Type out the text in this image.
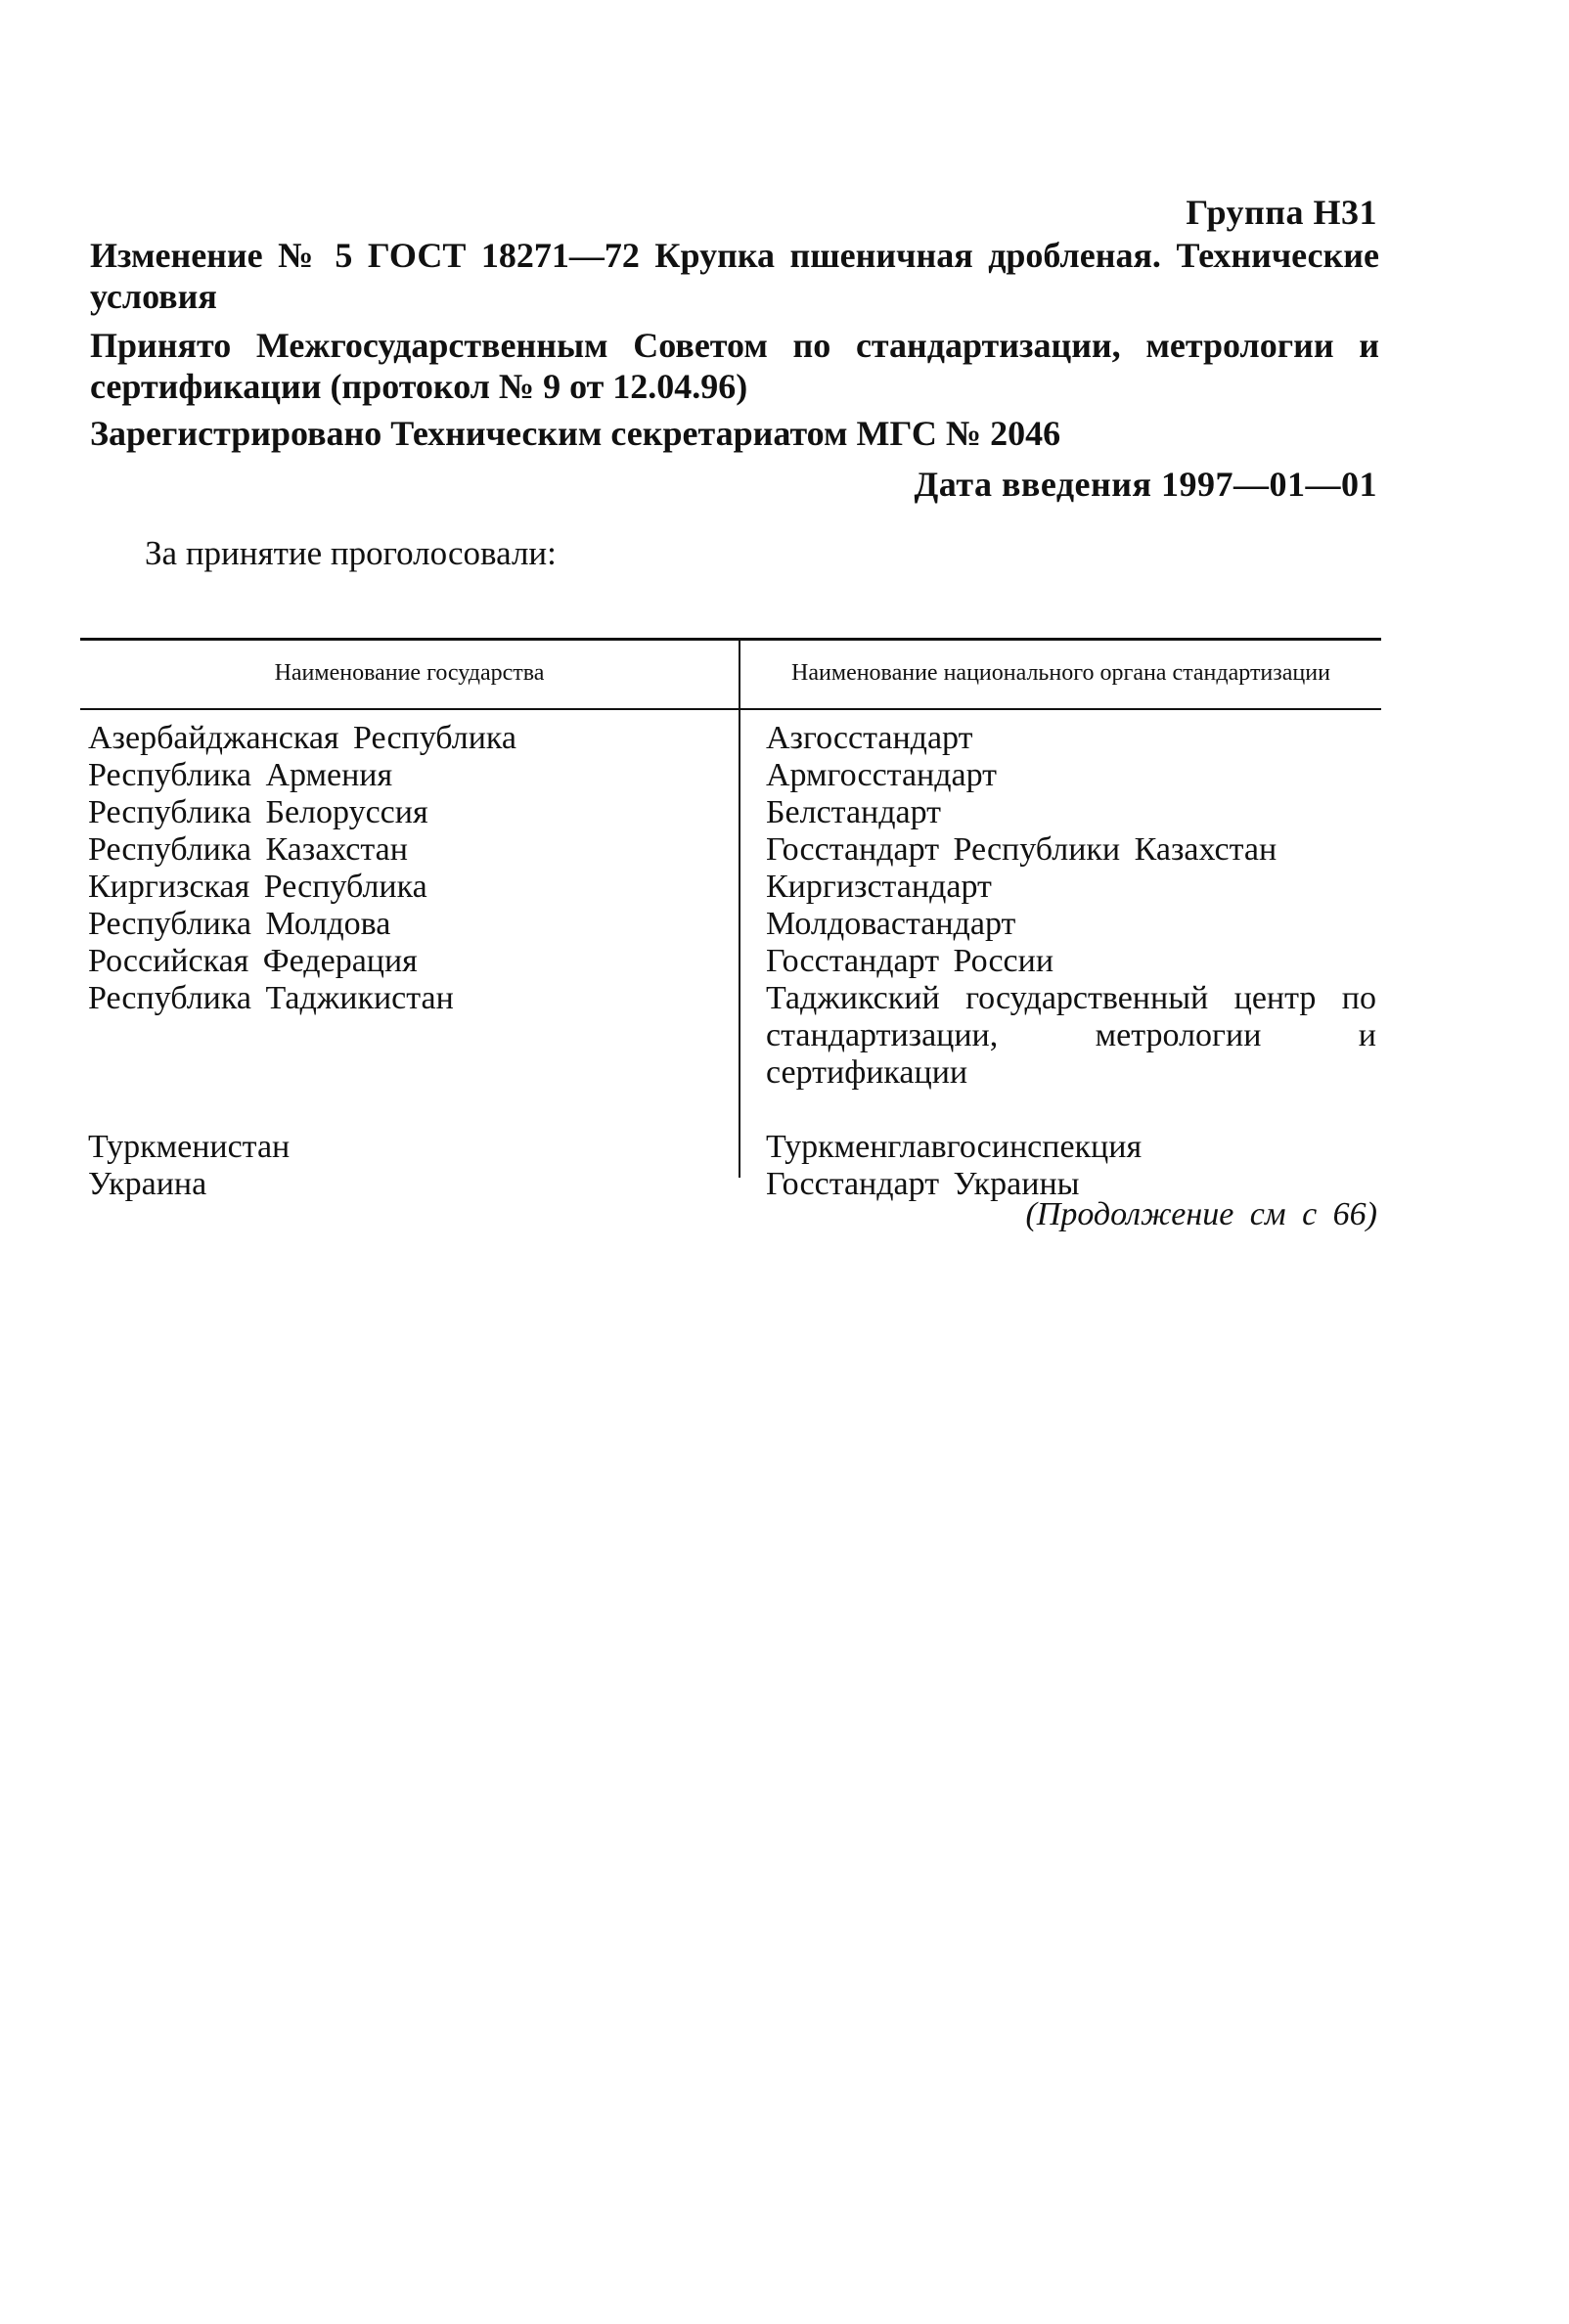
Группа Н31
Изменение № 5 ГОСТ 18271—72 Крупка пшеничная дробленая. Технические условия
Принято Межгосударственным Советом по стандартизации, метрологии и сертификации (протокол № 9 от 12.04.96)
Зарегистрировано Техническим секретариатом МГС № 2046
Дата введения 1997—01—01
За принятие проголосовали:
Наименование государства	Наименование национального органа стандартизации
Азербайджанская Республика	Азгосстандарт
Республика Армения	Армгосстандарт
Республика Белоруссия	Белстандарт
Республика Казахстан	Госстандарт Республики Казахстан
Киргизская Республика	Киргизстандарт
Республика Молдова	Молдовастандарт
Российская Федерация	Госстандарт России
Республика Таджикистан	Таджикский государственный центр по стандартизации, метрологии и сертификации
Туркменистан	Туркменглавгосинспекция
Украина	Госстандарт Украины
(Продолжение см с 66)
